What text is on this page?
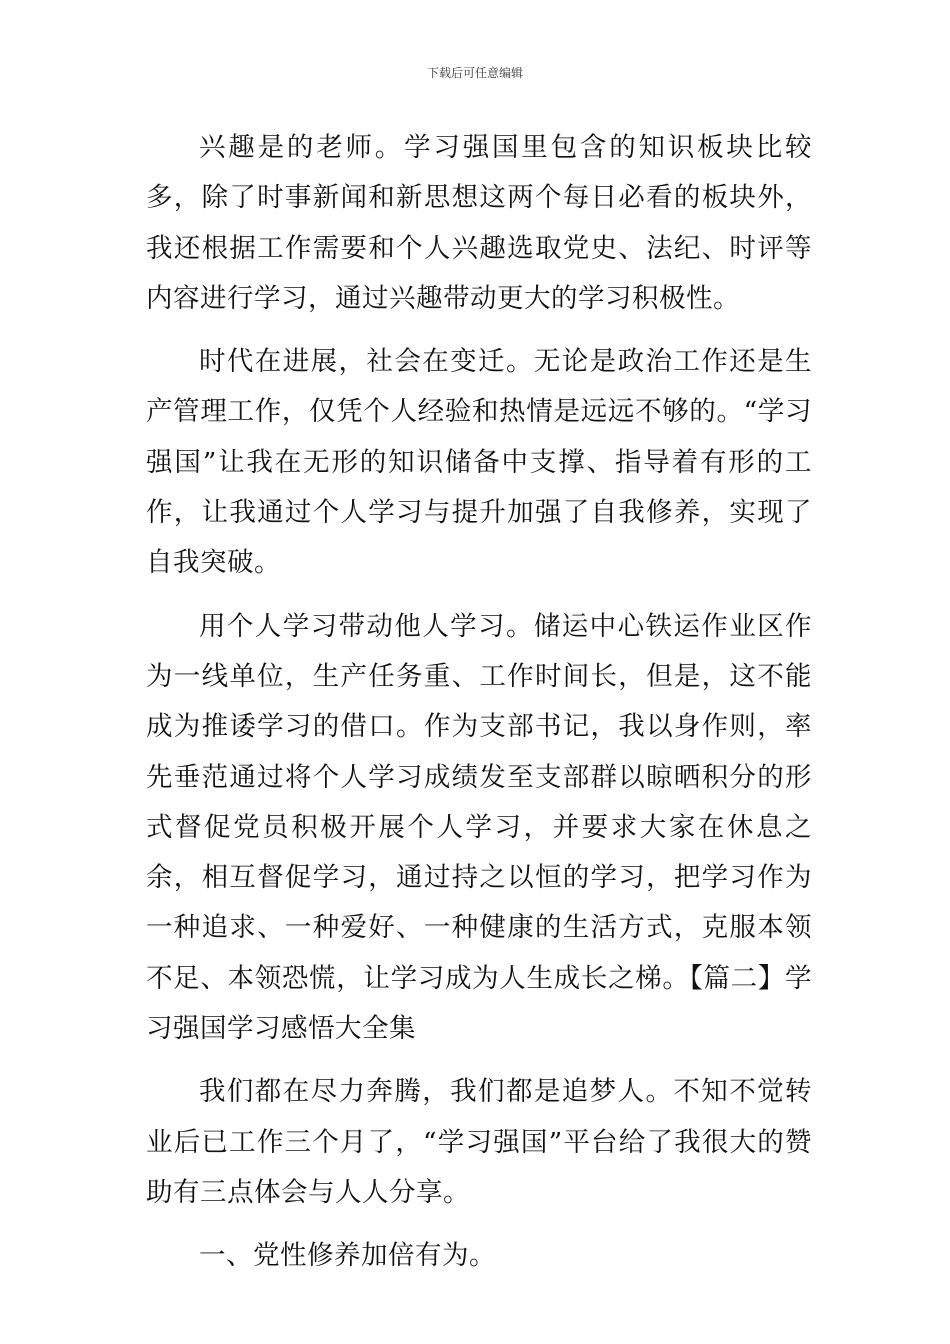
下载后可任意编辑

兴趣是的老师。学习强国里包含的知识板块比较多，除了时事新闻和新思想这两个每日必看的板块外，我还根据工作需要和个人兴趣选取党史、法纪、时评等内容进行学习，通过兴趣带动更大的学习积极性。

时代在进展，社会在变迁。无论是政治工作还是生产管理工作，仅凭个人经验和热情是远远不够的。“学习强国”让我在无形的知识储备中支撑、指导着有形的工作，让我通过个人学习与提升加强了自我修养，实现了自我突破。

用个人学习带动他人学习。储运中心铁运作业区作为一线单位，生产任务重、工作时间长，但是，这不能成为推诿学习的借口。作为支部书记，我以身作则，率先垂范通过将个人学习成绩发至支部群以晾晒积分的形式督促党员积极开展个人学习，并要求大家在休息之余，相互督促学习，通过持之以恒的学习，把学习作为一种追求、一种爱好、一种健康的生活方式，克服本领不足、本领恐慌，让学习成为人生成长之梯。【篇二】学习强国学习感悟大全集

我们都在尽力奔腾，我们都是追梦人。不知不觉转业后已工作三个月了，“学习强国”平台给了我很大的赞助有三点体会与人人分享。

一、党性修养加倍有为。
